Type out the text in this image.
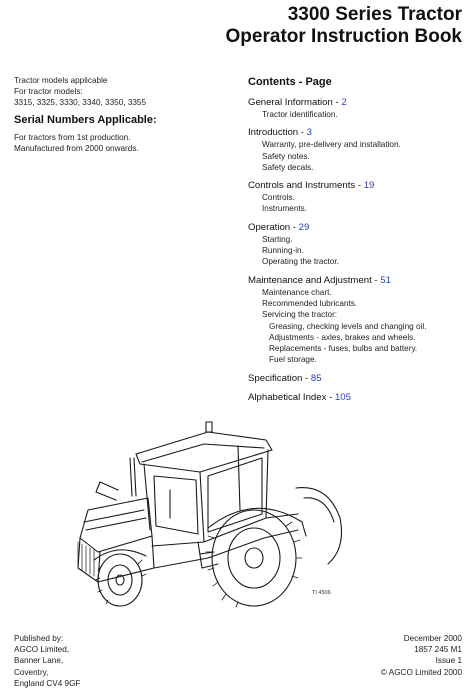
3300 Series Tractor
Operator Instruction Book
Tractor models applicable
For tractor models:
3315, 3325, 3330, 3340, 3350, 3355
Serial Numbers Applicable:
For tractors from 1st production.
Manufactured from 2000 onwards.
Contents - Page
General Information - 2
Tractor identification.
Introduction - 3
Warranty, pre-delivery and installation.
Safety notes.
Safety decals.
Controls and Instruments - 19
Controls.
Instruments.
Operation - 29
Starting.
Running-in.
Operating the tractor.
Maintenance and Adjustment - 51
Maintenance chart.
Recommended lubricants.
Servicing the tractor:
Greasing, checking levels and changing oil.
Adjustments - axles, brakes and wheels.
Replacements - fuses, bulbs and battery.
Fuel storage.
Specification - 85
Alphabetical Index - 105
TI 4506
Published by:
AGCO Limited,
Banner Lane,
Coventry,
England CV4 9GF
December 2000
1857 245 M1
Issue 1
© AGCO Limited 2000
